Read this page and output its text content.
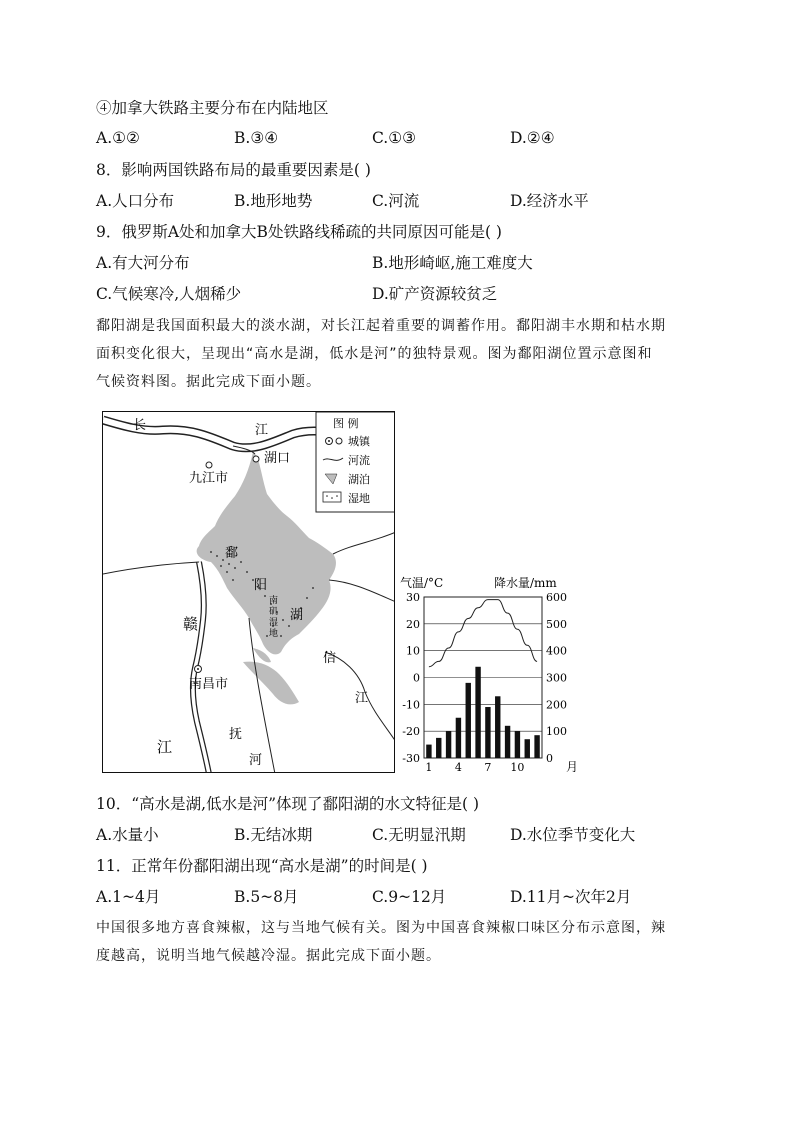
④加拿大铁路主要分布在内陆地区
A.①②	B.③④	C.①③	D.②④
8．影响两国铁路布局的最重要因素是( )
A.人口分布	B.地形地势	C.河流	D.经济水平
9．俄罗斯A处和加拿大B处铁路线稀疏的共同原因可能是( )
A.有大河分布	B.地形崎岖,施工难度大
C.气候寒冷,人烟稀少	D.矿产资源较贫乏
鄱阳湖是我国面积最大的淡水湖，对长江起着重要的调蓄作用。鄱阳湖丰水期和枯水期
面积变化很大，呈现出“高水是湖，低水是河”的独特景观。图为鄱阳湖位置示意图和
气候资料图。据此完成下面小题。
图 例
城镇
河流
湖泊
湿地
长	江
湖口
九江市
鄱
阳
湖
南
矶
湿
地
赣
江
南昌市
信
江
抚
河
气温/°C	降水量/mm
30
20
10
0
-10
-20
-30
600
500
400
300
200
100
0
1 4 7 10	月
10．“高水是湖,低水是河”体现了鄱阳湖的水文特征是( )
A.水量小	B.无结冰期	C.无明显汛期	D.水位季节变化大
11．正常年份鄱阳湖出现“高水是湖”的时间是( )
A.1~4月	B.5~8月	C.9~12月	D.11月~次年2月
中国很多地方喜食辣椒，这与当地气候有关。图为中国喜食辣椒口味区分布示意图，辣
度越高，说明当地气候越冷湿。据此完成下面小题。
